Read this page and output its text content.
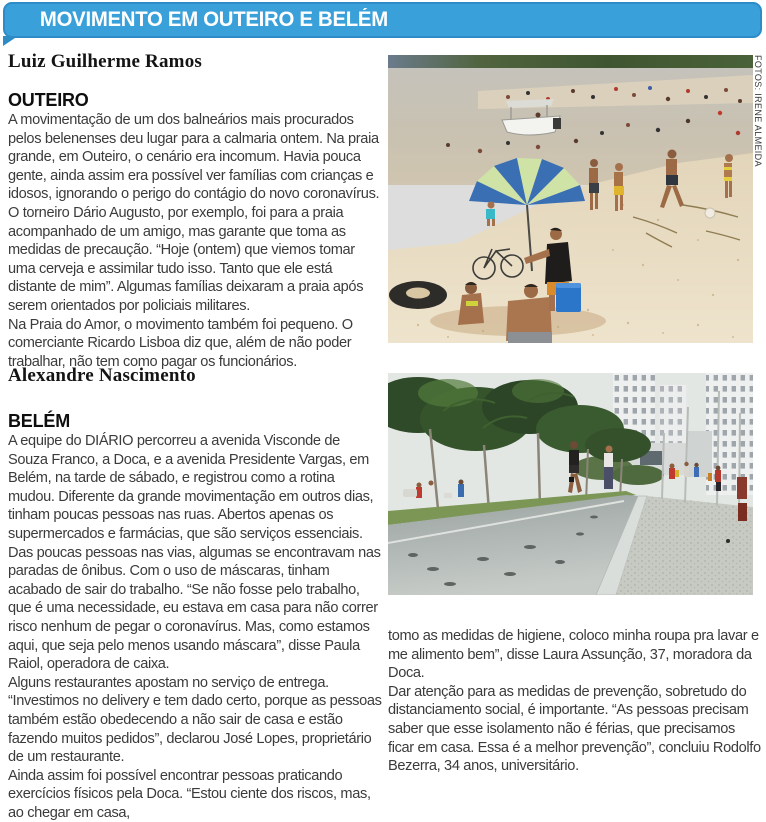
MOVIMENTO EM OUTEIRO E BELÉM
Luiz Guilherme Ramos
OUTEIRO

A movimentação de um dos balneários mais procurados pelos belenenses deu lugar para a calmaria ontem. Na praia grande, em Outeiro, o cenário era incomum. Havia pouca gente, ainda assim era possível ver famílias com crianças e idosos, ignorando o perigo do contágio do novo coronavírus. O torneiro Dário Augusto, por exemplo, foi para a praia acompanhado de um amigo, mas garante que toma as medidas de precaução. “Hoje (ontem) que viemos tomar uma cerveja e assimilar tudo isso. Tanto que ele está distante de mim”. Algumas famílias deixaram a praia após serem orientados por policiais militares.

Na Praia do Amor, o movimento também foi pequeno. O comerciante Ricardo Lisboa diz que, além de não poder trabalhar, não tem como pagar os funcionários.

Alexandre Nascimento
BELÉM

A equipe do DIÁRIO percorreu a avenida Visconde de Souza Franco, a Doca, e a avenida Presidente Vargas, em Belém, na tarde de sábado, e registrou como a rotina mudou. Diferente da grande movimentação em outros dias, tinham poucas pessoas nas ruas. Abertos apenas os supermercados e farmácias, que são serviços essenciais.

Das poucas pessoas nas vias, algumas se encontravam nas paradas de ônibus. Com o uso de máscaras, tinham acabado de sair do trabalho. “Se não fosse pelo trabalho, que é uma necessidade, eu estava em casa para não correr risco nenhum de pegar o coronavírus. Mas, como estamos aqui, que seja pelo menos usando máscara”, disse Paula Raiol, operadora de caixa.

Alguns restaurantes apostam no serviço de entrega. “Investimos no delivery e tem dado certo, porque as pessoas também estão obedecendo a não sair de casa e estão fazendo muitos pedidos”, declarou José Lopes, proprietário de um restaurante.

Ainda assim foi possível encontrar pessoas praticando exercícios físicos pela Doca. “Estou ciente dos riscos, mas, ao chegar em casa,

tomo as medidas de higiene, coloco minha roupa pra lavar e me alimento bem”, disse Laura Assunção, 37, moradora da Doca.

Dar atenção para as medidas de prevenção, sobretudo do distanciamento social, é importante. “As pessoas precisam saber que esse isolamento não é férias, que precisamos ficar em casa. Essa é a melhor prevenção”, concluiu Rodolfo Bezerra, 34 anos, universitário.

FOTOS: IRENE ALMEIDA
